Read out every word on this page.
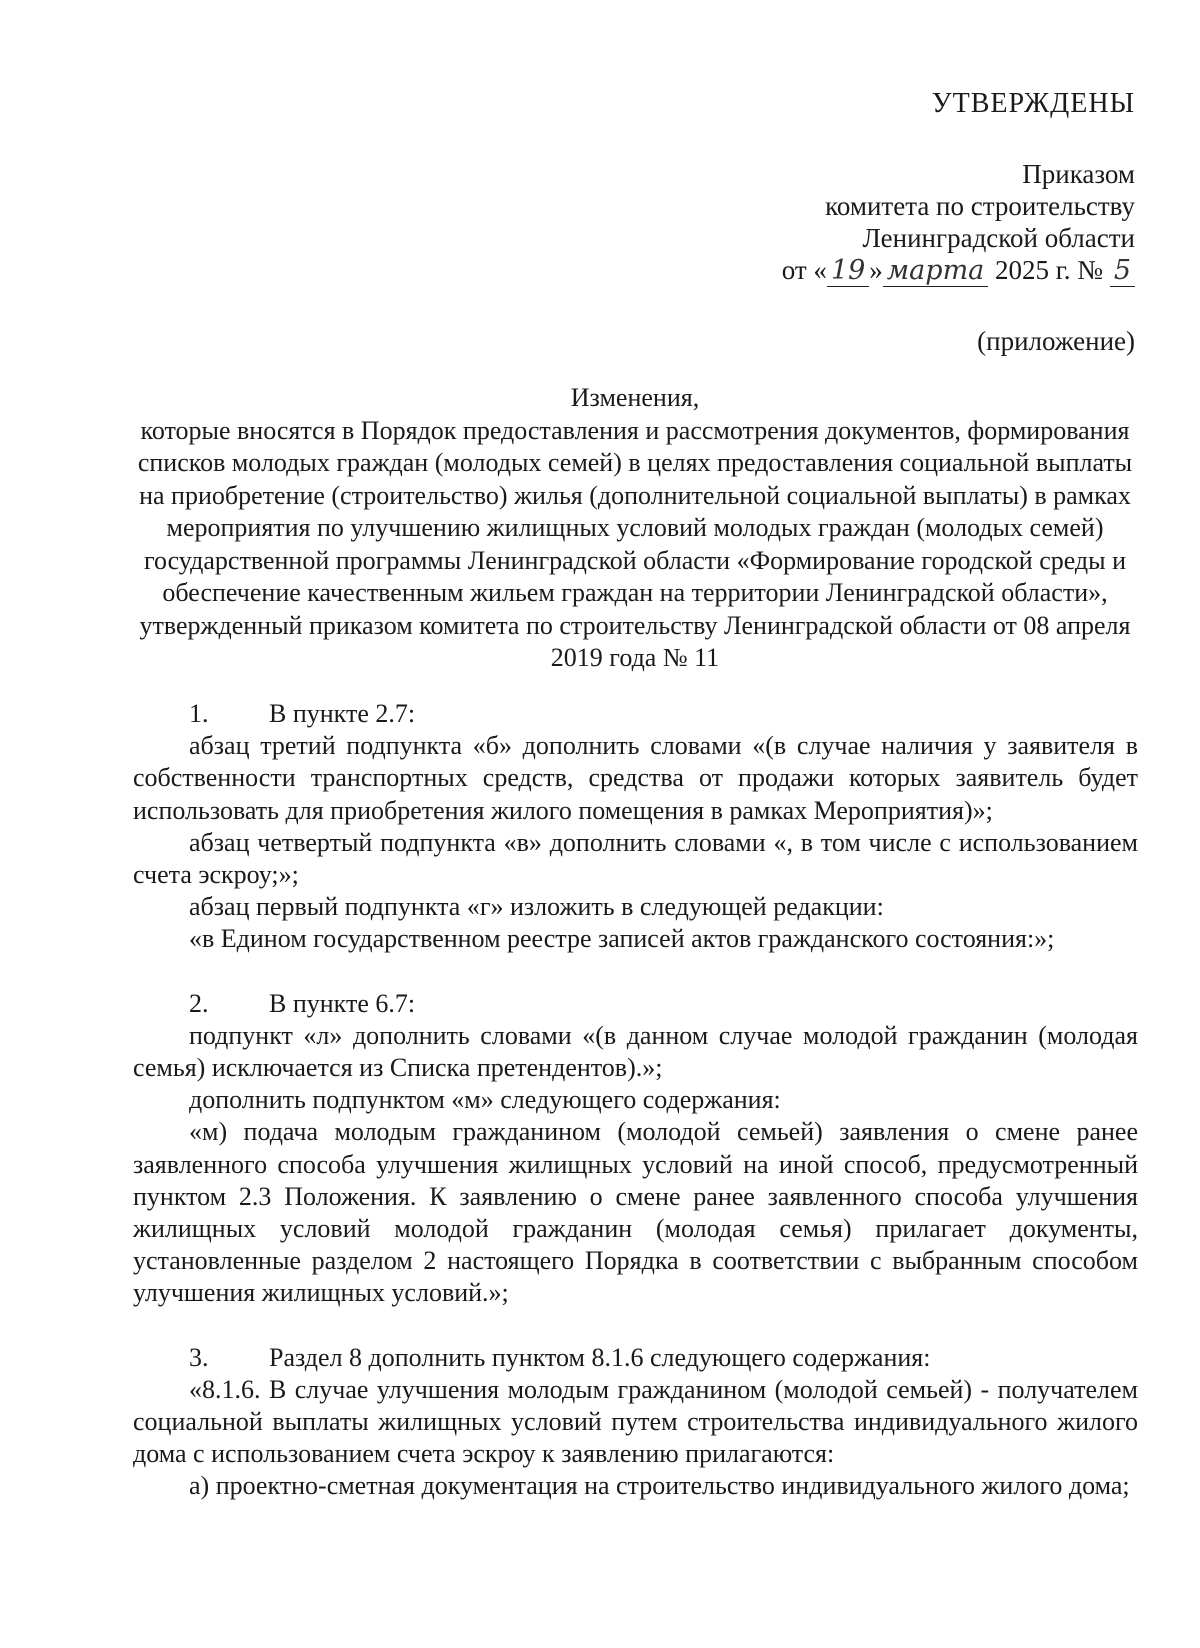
УТВЕРЖДЕНЫ
Приказом
комитета по строительству
Ленинградской области
от « 19 » марта 2025 г. № 5
(приложение)
Изменения,
которые вносятся в Порядок предоставления и рассмотрения документов, формирования списков молодых граждан (молодых семей) в целях предоставления социальной выплаты на приобретение (строительство) жилья (дополнительной социальной выплаты) в рамках мероприятия по улучшению жилищных условий молодых граждан (молодых семей) государственной программы Ленинградской области «Формирование городской среды и обеспечение качественным жильем граждан на территории Ленинградской области», утвержденный приказом комитета по строительству Ленинградской области от 08 апреля 2019 года № 11

1. В пункте 2.7:

абзац третий подпункта «б» дополнить словами «(в случае наличия у заявителя в собственности транспортных средств, средства от продажи которых заявитель будет использовать для приобретения жилого помещения в рамках Мероприятия)»;

абзац четвертый подпункта «в» дополнить словами «, в том числе с использованием счета эскроу;»;

абзац первый подпункта «г» изложить в следующей редакции:

«в Едином государственном реестре записей актов гражданского состояния:»;

2. В пункте 6.7:

подпункт «л» дополнить словами «(в данном случае молодой гражданин (молодая семья) исключается из Списка претендентов).»;

дополнить подпунктом «м» следующего содержания:

«м) подача молодым гражданином (молодой семьей) заявления о смене ранее заявленного способа улучшения жилищных условий на иной способ, предусмотренный пунктом 2.3 Положения. К заявлению о смене ранее заявленного способа улучшения жилищных условий молодой гражданин (молодая семья) прилагает документы, установленные разделом 2 настоящего Порядка в соответствии с выбранным способом улучшения жилищных условий.»;

3. Раздел 8 дополнить пунктом 8.1.6 следующего содержания:

«8.1.6. В случае улучшения молодым гражданином (молодой семьей) - получателем социальной выплаты жилищных условий путем строительства индивидуального жилого дома с использованием счета эскроу к заявлению прилагаются:

а) проектно-сметная документация на строительство индивидуального жилого дома;
